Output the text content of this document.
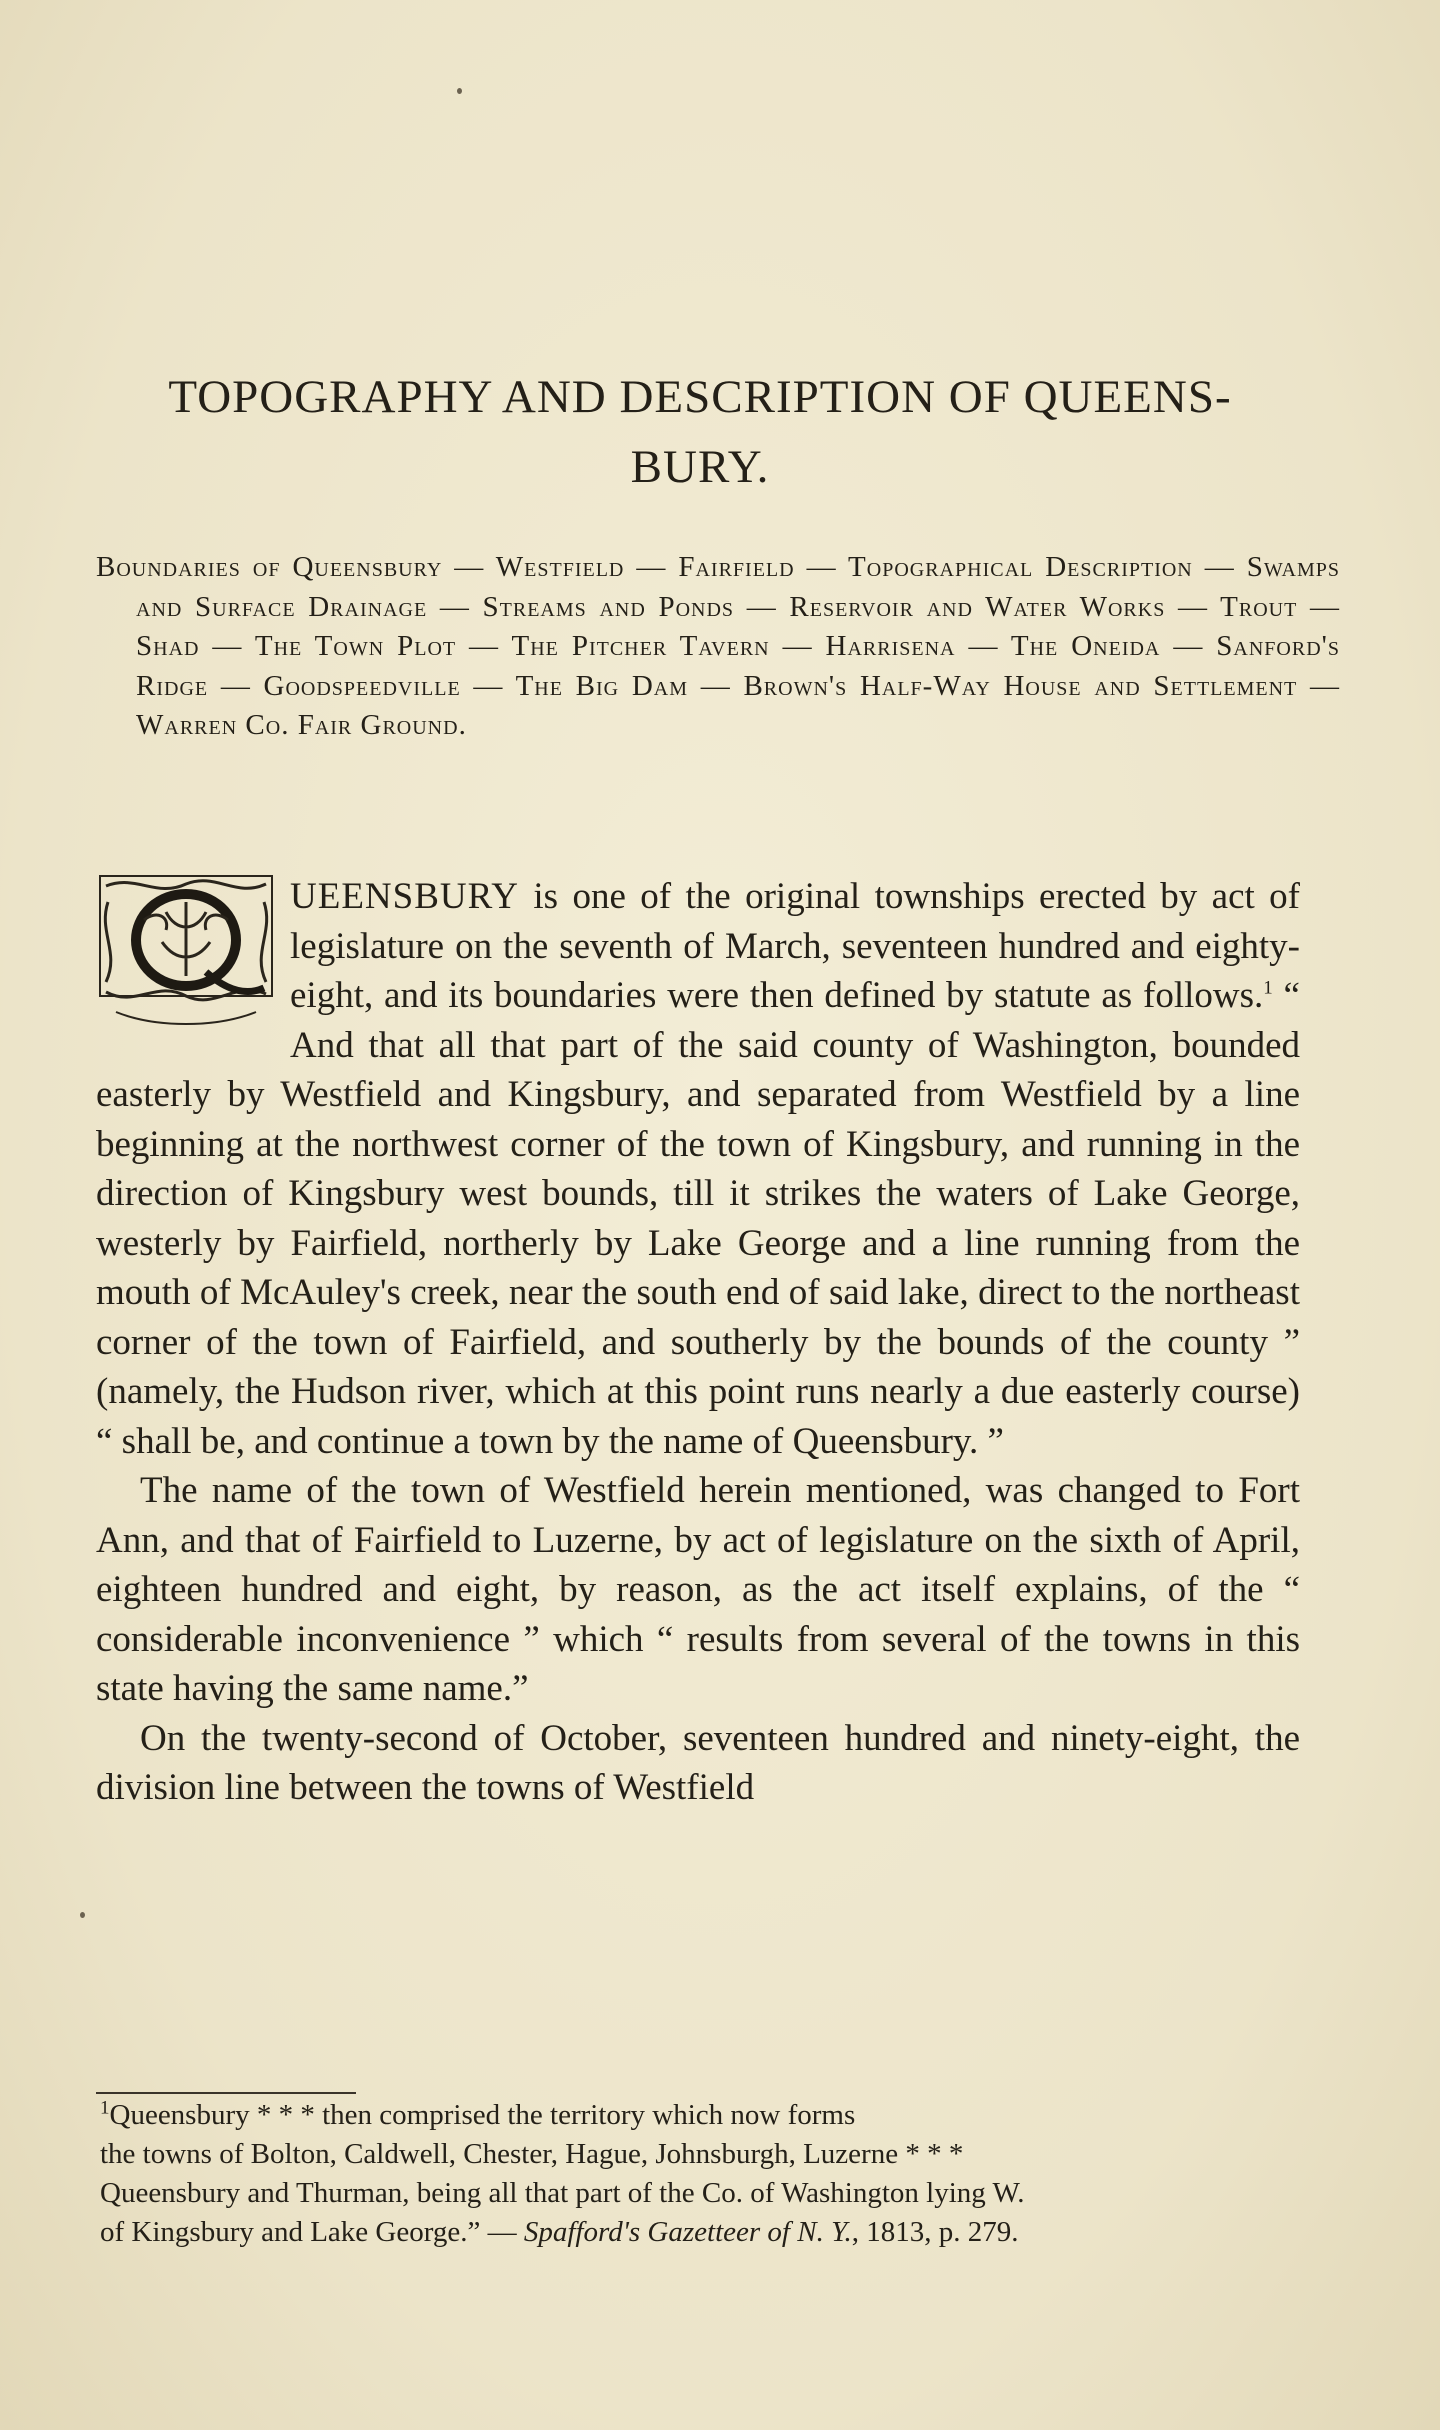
TOPOGRAPHY AND DESCRIPTION OF QUEENS-
BURY.

Boundaries of Queensbury — Westfield — Fairfield — Topographical Description — Swamps and Surface Drainage — Streams and Ponds — Reservoir and Water Works — Trout — Shad — The Town Plot — The Pitcher Tavern — Harrisena — The Oneida — Sanford's Ridge — Goodspeedville — The Big Dam — Brown's Half-Way House and Settlement — Warren Co. Fair Ground.

UEENSBURY is one of the original townships erected by act of legislature on the seventh of March, seventeen hundred and eighty-eight, and its boundaries were then defined by statute as follows.$^1$ “ And that all that part of the said county of Washington, bounded easterly by Westfield and Kingsbury, and separated from Westfield by a line beginning at the northwest corner of the town of Kingsbury, and running in the direction of Kingsbury west bounds, till it strikes the waters of Lake George, westerly by Fairfield, northerly by Lake George and a line running from the mouth of McAuley's creek, near the south end of said lake, direct to the northeast corner of the town of Fairfield, and southerly by the bounds of the county ” (namely, the Hudson river, which at this point runs nearly a due easterly course) “ shall be, and continue a town by the name of Queensbury. ”

The name of the town of Westfield herein mentioned, was changed to Fort Ann, and that of Fairfield to Luzerne, by act of legislature on the sixth of April, eighteen hundred and eight, by reason, as the act itself explains, of the “ considerable inconvenience ” which “ results from several of the towns in this state having the same name.”

On the twenty-second of October, seventeen hundred and ninety-eight, the division line between the towns of Westfield

$^1$Queensbury * * * then comprised the territory which now forms
the towns of Bolton, Caldwell, Chester, Hague, Johnsburgh, Luzerne * * *
Queensbury and Thurman, being all that part of the Co. of Washington lying W.
of Kingsbury and Lake George.” — Spafford's Gazetteer of N. Y., 1813, p. 279.
